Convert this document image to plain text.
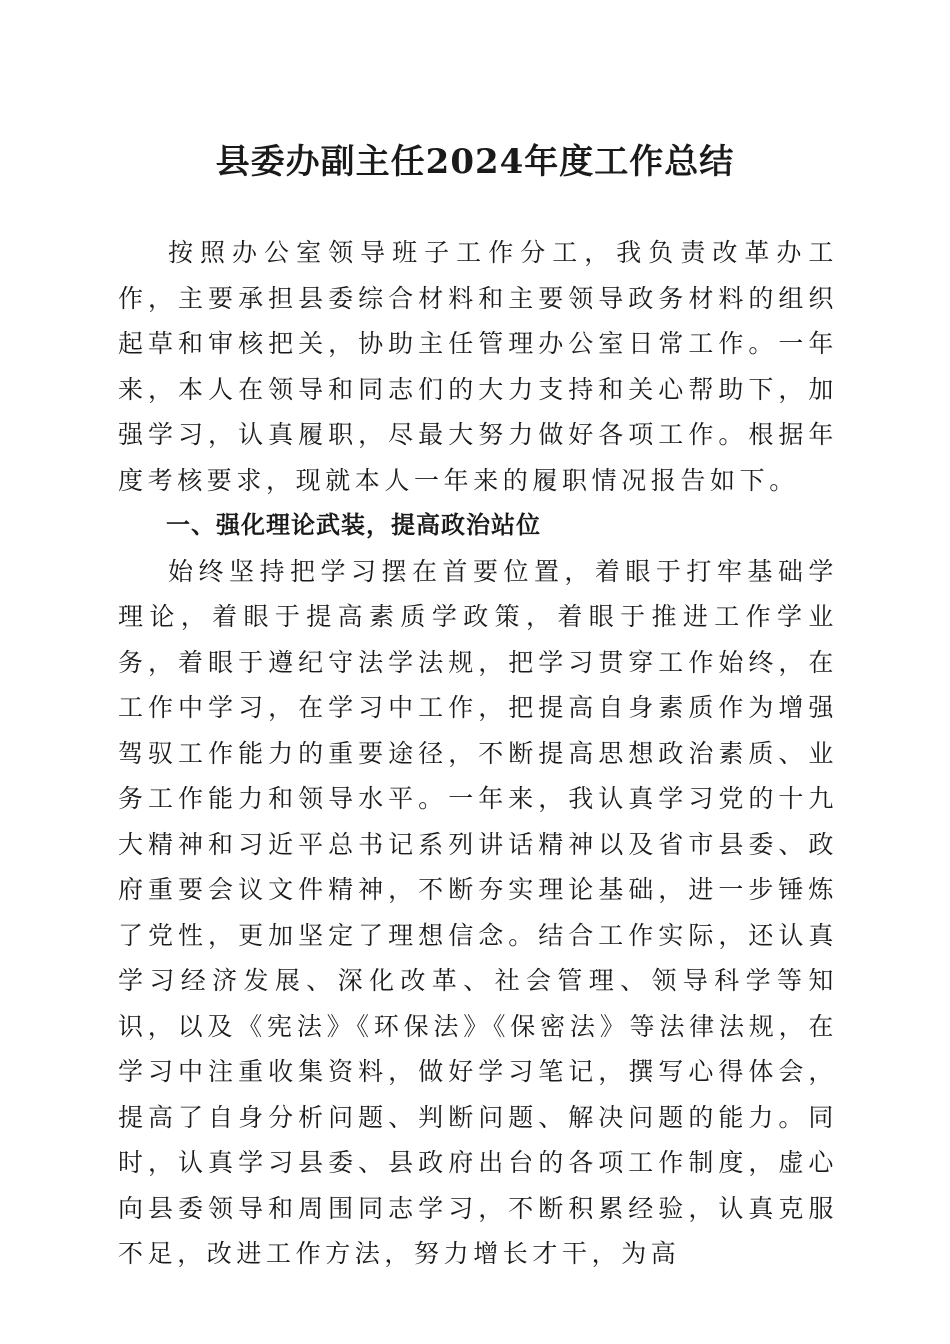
县委办副主任2024年度工作总结

按照办公室领导班子工作分工，我负责改革办工作，主要承担县委综合材料和主要领导政务材料的组织起草和审核把关，协助主任管理办公室日常工作。一年来，本人在领导和同志们的大力支持和关心帮助下，加强学习，认真履职，尽最大努力做好各项工作。根据年度考核要求，现就本人一年来的履职情况报告如下。

一、强化理论武装，提高政治站位

始终坚持把学习摆在首要位置，着眼于打牢基础学理论，着眼于提高素质学政策，着眼于推进工作学业务，着眼于遵纪守法学法规，把学习贯穿工作始终，在工作中学习，在学习中工作，把提高自身素质作为增强驾驭工作能力的重要途径，不断提高思想政治素质、业务工作能力和领导水平。一年来，我认真学习党的十九大精神和习近平总书记系列讲话精神以及省市县委、政府重要会议文件精神，不断夯实理论基础，进一步锤炼了党性，更加坚定了理想信念。结合工作实际，还认真学习经济发展、深化改革、社会管理、领导科学等知识，以及《宪法》《环保法》《保密法》等法律法规，在学习中注重收集资料，做好学习笔记，撰写心得体会，提高了自身分析问题、判断问题、解决问题的能力。同时，认真学习县委、县政府出台的各项工作制度，虚心向县委领导和周围同志学习，不断积累经验，认真克服不足，改进工作方法，努力增长才干，为高
